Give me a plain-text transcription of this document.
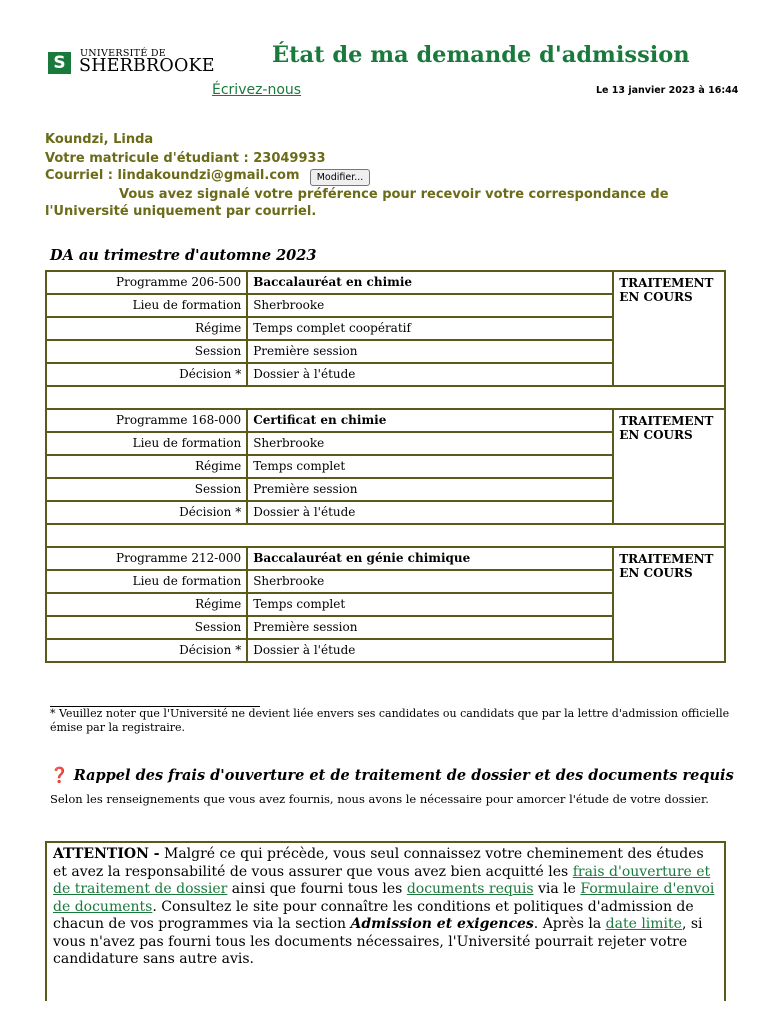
S	UNIVERSITÉ DE
SHERBROOKE	État de ma demande d'admission
Écrivez-nous	Le 13 janvier 2023 à 16:44
Koundzi, Linda
Votre matricule d'étudiant : 23049933
Courriel : lindakoundzi@gmail.com	Modifier...
Vous avez signalé votre préférence pour recevoir votre correspondance de l'Université uniquement par courriel.
DA au trimestre d'automne 2023
Programme 206-500	Baccalauréat en chimie	TRAITEMENT EN COURS
Lieu de formation	Sherbrooke	
Régime	Temps complet coopératif	
Session	Première session	
Décision *	Dossier à l'étude	

Programme 168-000	Certificat en chimie	TRAITEMENT EN COURS
Lieu de formation	Sherbrooke	
Régime	Temps complet	
Session	Première session	
Décision *	Dossier à l'étude	

Programme 212-000	Baccalauréat en génie chimique	TRAITEMENT EN COURS
Lieu de formation	Sherbrooke	
Régime	Temps complet	
Session	Première session	
Décision *	Dossier à l'étude	
* Veuillez noter que l'Université ne devient liée envers ses candidates ou candidats que par la lettre d'admission officielle émise par la registraire.
❓ Rappel des frais d'ouverture et de traitement de dossier et des documents requis
Selon les renseignements que vous avez fournis, nous avons le nécessaire pour amorcer l'étude de votre dossier.
ATTENTION - Malgré ce qui précède, vous seul connaissez votre cheminement des études et avez la responsabilité de vous assurer que vous avez bien acquitté les frais d'ouverture et de traitement de dossier ainsi que fourni tous les documents requis via le Formulaire d'envoi de documents. Consultez le site pour connaître les conditions et politiques d'admission de chacun de vos programmes via la section Admission et exigences. Après la date limite, si vous n'avez pas fourni tous les documents nécessaires, l'Université pourrait rejeter votre candidature sans autre avis.
